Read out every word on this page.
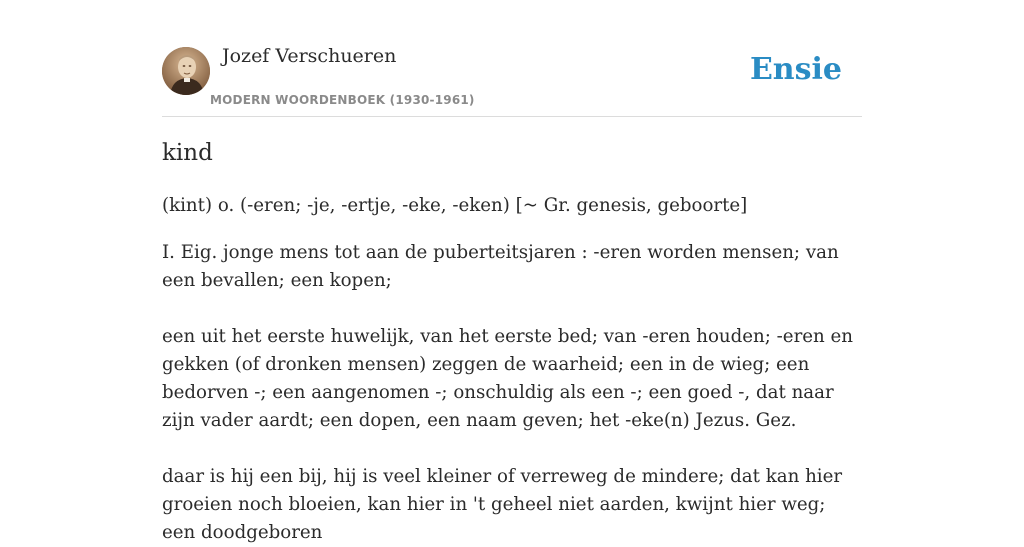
Jozef Verschueren
MODERN WOORDENBOEK (1930-1961)
Ensie
kind

(kint) o. (-eren; -je, -ertje, -eke, -eken) [~ Gr. genesis, geboorte]

I. Eig. jonge mens tot aan de puberteitsjaren : -eren worden mensen; van een bevallen; een kopen;

een uit het eerste huwelijk, van het eerste bed; van -eren houden; -eren en gekken (of dronken mensen) zeggen de waarheid; een in de wieg; een bedorven -; een aangenomen -; onschuldig als een -; een goed -, dat naar zijn vader aardt; een dopen, een naam geven; het -eke(n) Jezus. Gez.

daar is hij een bij, hij is veel kleiner of verreweg de mindere; dat kan hier groeien noch bloeien, kan hier in 't geheel niet aarden, kwijnt hier weg; een doodgeboren
